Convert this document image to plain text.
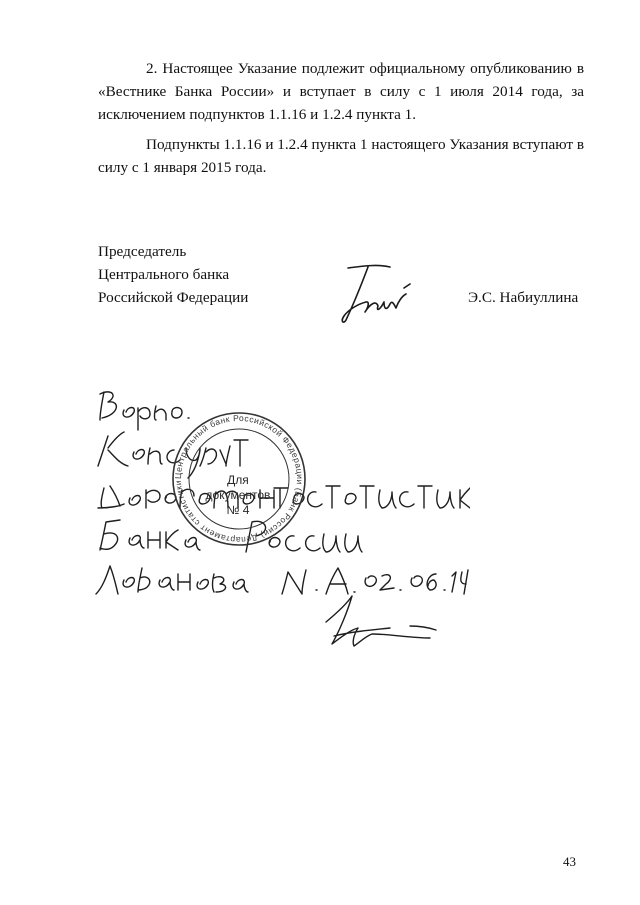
2. Настоящее Указание подлежит официальному опубликованию в «Вестнике Банка России» и вступает в силу с 1 июля 2014 года, за исключением подпунктов 1.1.16 и 1.2.4 пункта 1.

Подпункты 1.1.16 и 1.2.4 пункта 1 настоящего Указания вступают в силу с 1 января 2015 года.

Председатель
Центрального банка
Российской Федерации	Э.С. Набиуллина
Центральный банк Российской Федерации (Банк России) Департамент статистики	Для
документов
№ 4
43
